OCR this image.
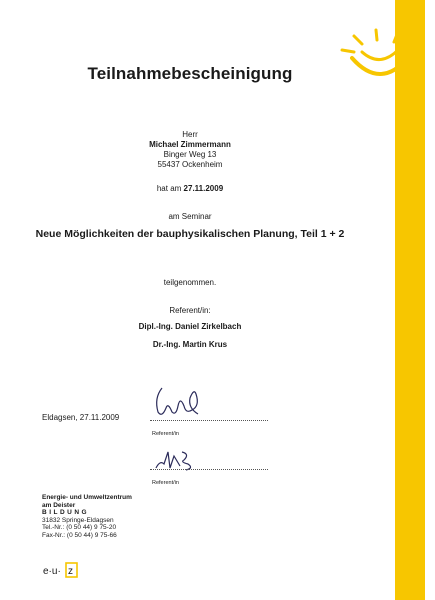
Teilnahmebescheinigung
Herr
Michael Zimmermann
Binger Weg 13
55437 Ockenheim
hat am 27.11.2009
am Seminar
Neue Möglichkeiten der bauphysikalischen Planung, Teil 1 + 2
teilgenommen.
Referent/in:
Dipl.-Ing. Daniel Zirkelbach
Dr.-Ing. Martin Krus
Eldagsen, 27.11.2009
Referent/in
Referent/in
Energie- und Umweltzentrum
am Deister
BILDUNG
31832 Springe-Eldagsen
Tel.-Nr.: (0 50 44) 9 75-20
Fax-Nr.: (0 50 44) 9 75-66
e·u· z
